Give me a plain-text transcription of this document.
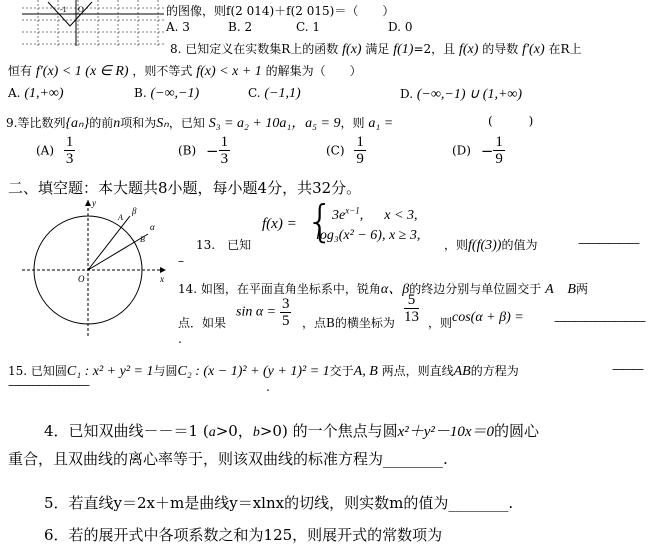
-1 O	的图像，则f(2 014)＋f(2 015)＝（　　）
A. 3	B. 2	C. 1	D. 0
8. 已知定义在实数集R上的函数 f(x) 满足 f(1)=2，且 f(x) 的导数 f′(x) 在R上
恒有 f′(x) < 1 (x ∈ R) ，则不等式 f(x) < x + 1 的解集为（　　）
A. (1,+∞)	B. (−∞,−1)	C. (−1,1)	D. (−∞,−1) ∪ (1,+∞)
9.等比数列{aₙ}的前n项和为Sₙ，已知 S₃ = a₂ + 10a₁，a₅ = 9，则 a₁ =	(　　　)
$(A) \frac{1}{3}$	$(B) - \frac{1}{3}$	$(C) \frac{1}{9}$	$(D) - \frac{1}{9}$
二、填空题：本大题共8小题，每小题4分，共32分。
y
x
O
A
B
β
α
13.　已知
f(x) = {
$3e^{x-1}$, 　 x < 3,
log₃(x² − 6), x ≥ 3,
，则f(f(3))的值为	——————
–
14. 如图，在平面直角坐标系中，锐角α、β的终边分别与单位圆交于 A　B两
点．如果
$\sin \alpha = \frac{3}{5}$ ，点B的横坐标为 $\frac{5}{13}$ ，则 cos(α + β) =	—————————
.
15. 已知圆C₁ : x² + y² = 1与圆C₂ : (x − 1)² + (y + 1)² = 1交于A, B 两点，则直线AB的方程为	———
————————	.
4．已知双曲线－－＝1 (a>0，b>0) 的一个焦点与圆x²＋y²－10x＝0的圆心
重合，且双曲线的离心率等于，则该双曲线的标准方程为________.
5．若直线y＝2x＋m是曲线y＝xlnx的切线，则实数m的值为________.
6．若的展开式中各项系数之和为125，则展开式的常数项为
